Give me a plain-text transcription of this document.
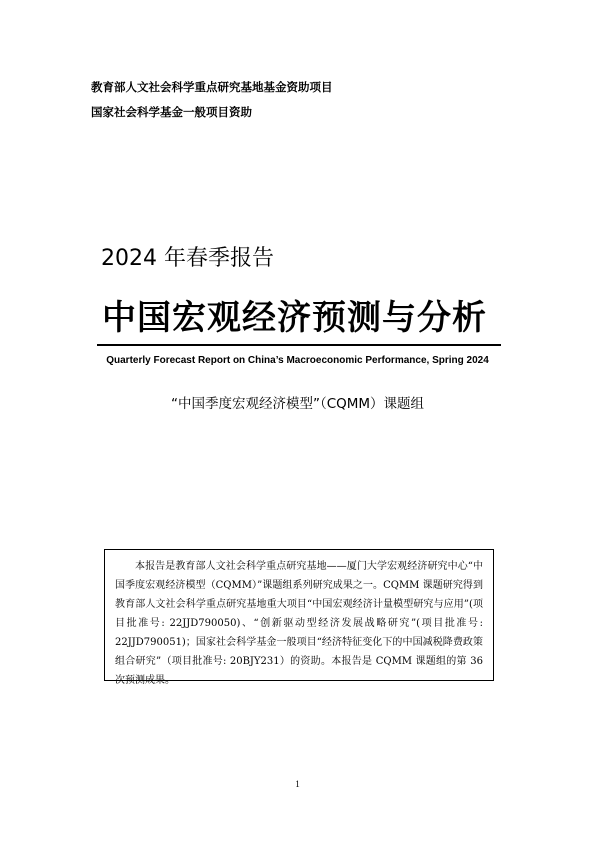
教育部人文社会科学重点研究基地基金资助项目
国家社会科学基金一般项目资助
2024 年春季报告
中国宏观经济预测与分析
Quarterly Forecast Report on China’s Macroeconomic Performance, Spring 2024
“中国季度宏观经济模型”（CQMM）课题组

本报告是教育部人文社会科学重点研究基地——厦门大学宏观经济研究中心“中国季度宏观经济模型（CQMM）”课题组系列研究成果之一。CQMM 课题研究得到教育部人文社会科学重点研究基地重大项目“中国宏观经济计量模型研究与应用”(项目批准号: 22JJD790050)、“创新驱动型经济发展战略研究”(项目批准号: 22JJD790051)；国家社会科学基金一般项目“经济特征变化下的中国减税降费政策组合研究”（项目批准号: 20BJY231）的资助。本报告是 CQMM 课题组的第 36 次预测成果。

1
